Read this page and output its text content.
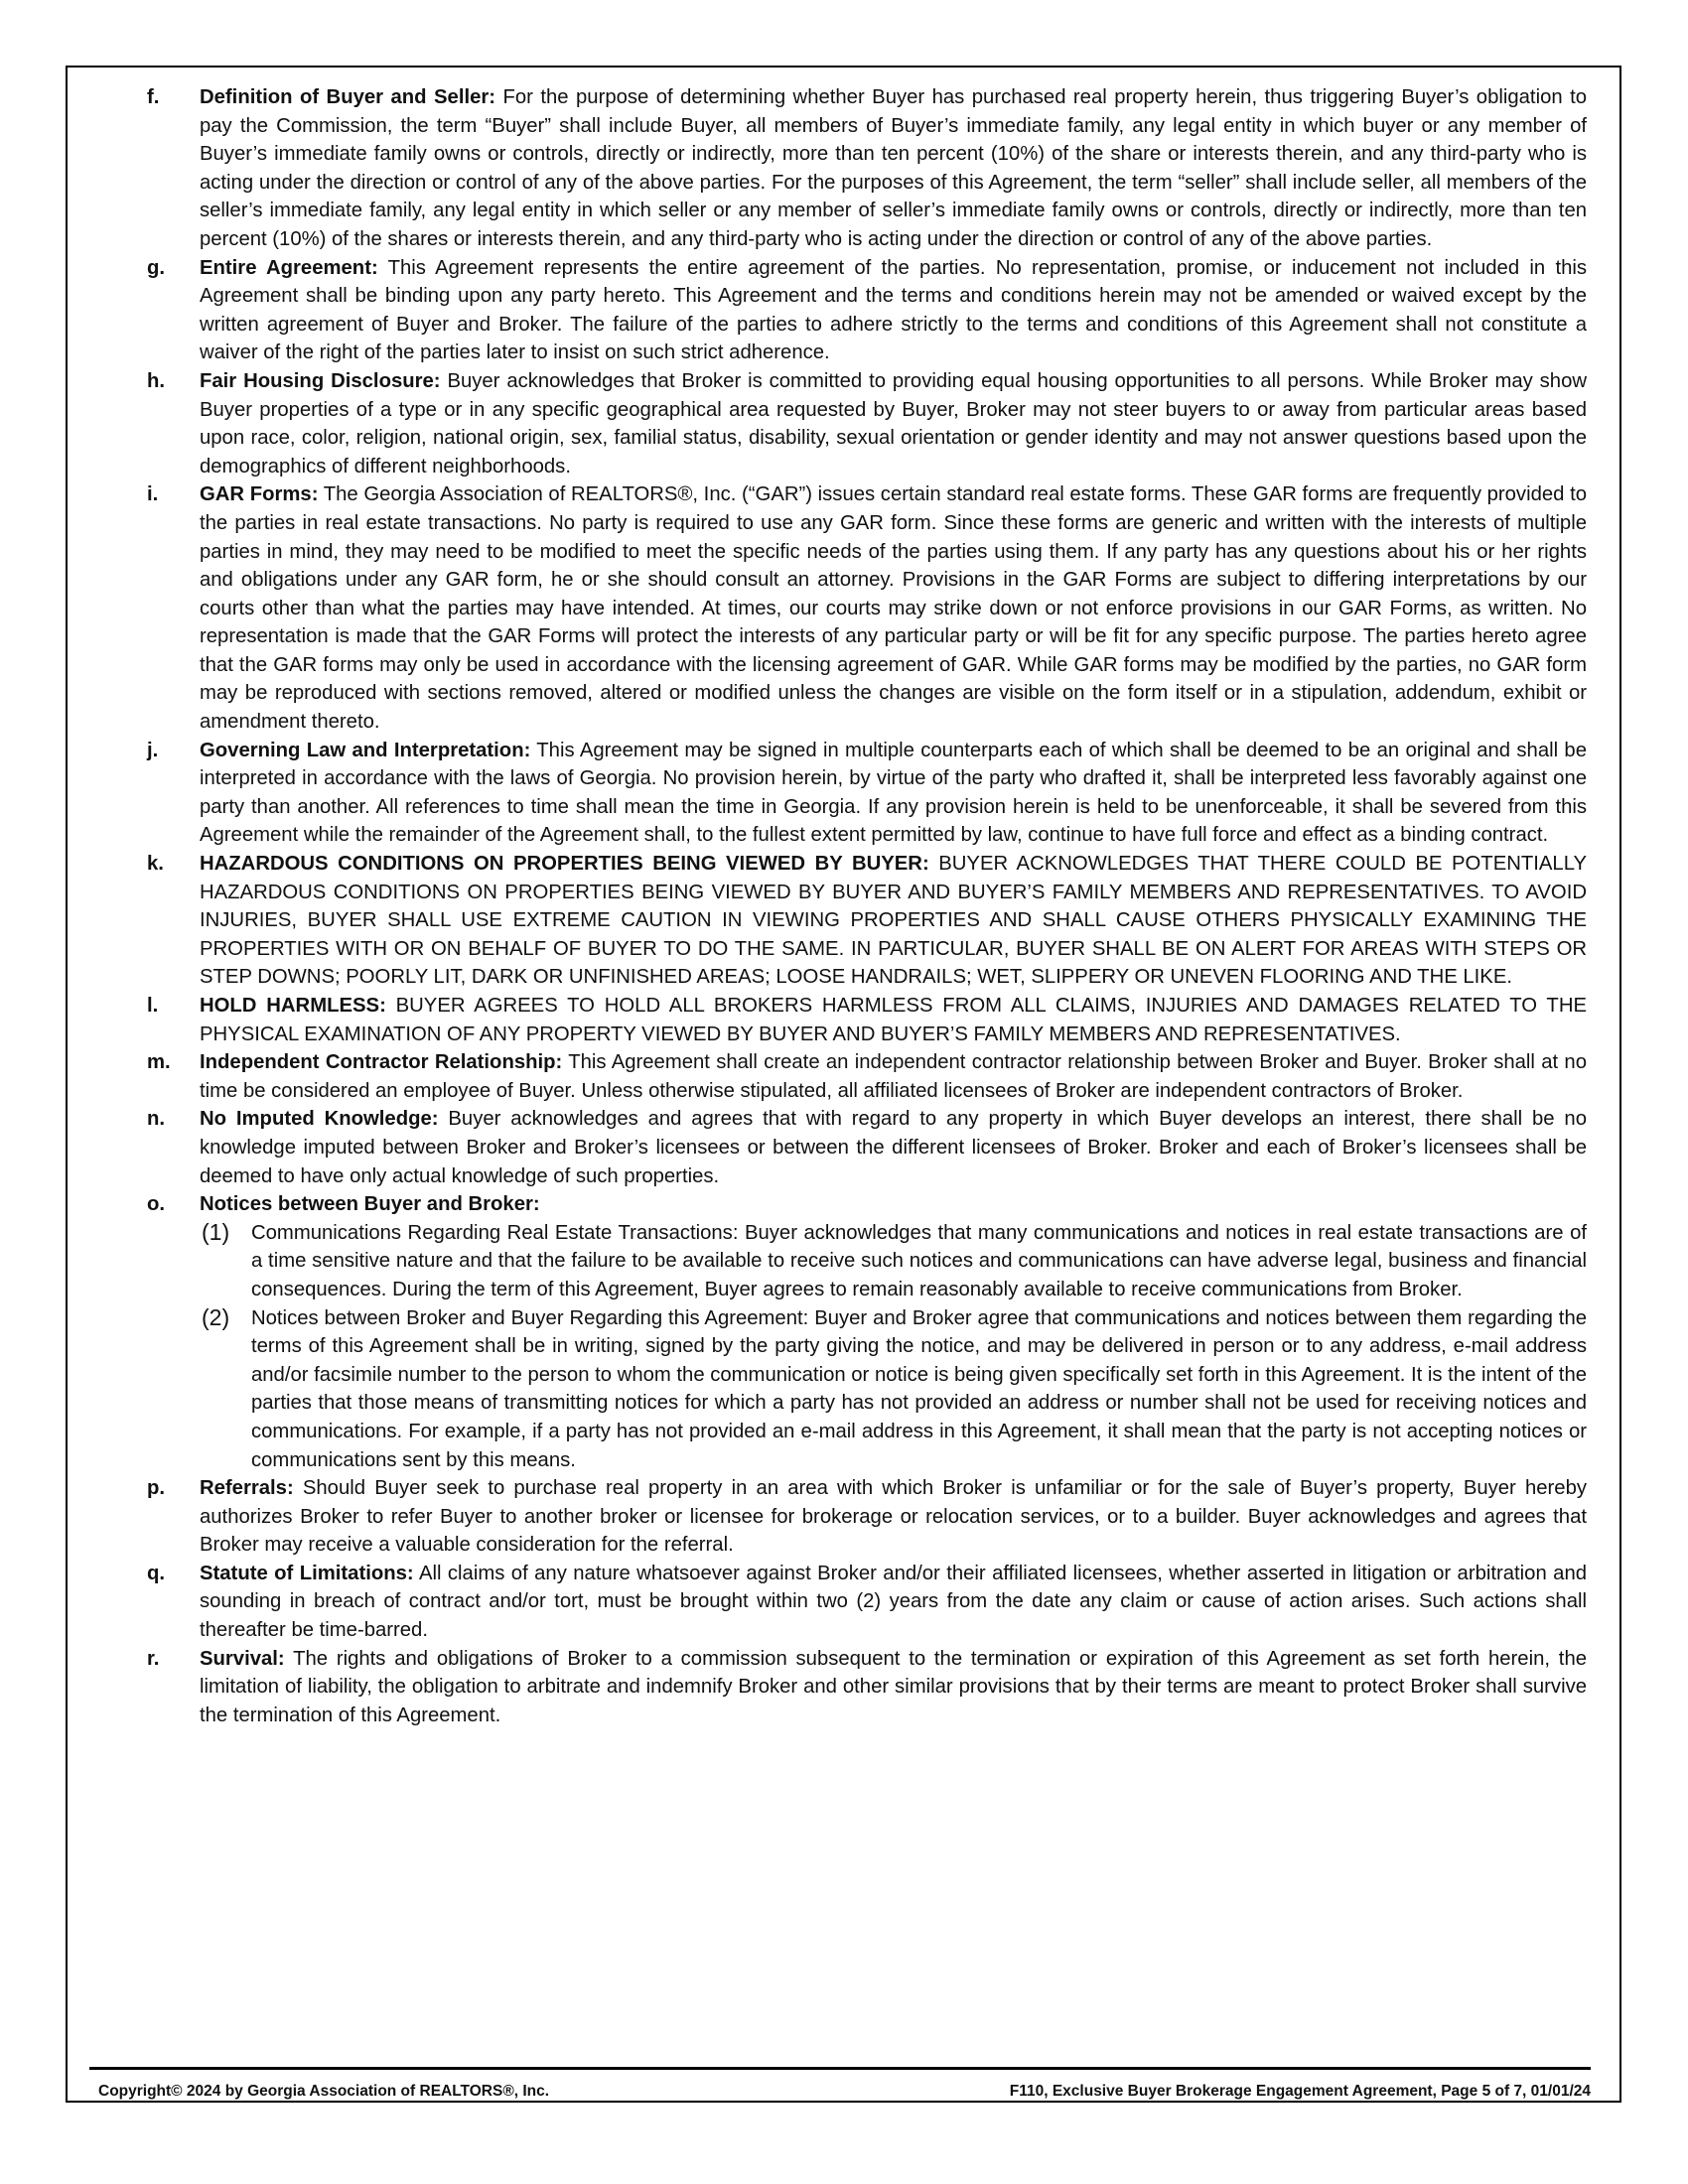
f. Definition of Buyer and Seller: For the purpose of determining whether Buyer has purchased real property herein, thus triggering Buyer’s obligation to pay the Commission, the term “Buyer” shall include Buyer, all members of Buyer’s immediate family, any legal entity in which buyer or any member of Buyer’s immediate family owns or controls, directly or indirectly, more than ten percent (10%) of the share or interests therein, and any third-party who is acting under the direction or control of any of the above parties. For the purposes of this Agreement, the term “seller” shall include seller, all members of the seller’s immediate family, any legal entity in which seller or any member of seller’s immediate family owns or controls, directly or indirectly, more than ten percent (10%) of the shares or interests therein, and any third-party who is acting under the direction or control of any of the above parties.
g. Entire Agreement: This Agreement represents the entire agreement of the parties. No representation, promise, or inducement not included in this Agreement shall be binding upon any party hereto. This Agreement and the terms and conditions herein may not be amended or waived except by the written agreement of Buyer and Broker. The failure of the parties to adhere strictly to the terms and conditions of this Agreement shall not constitute a waiver of the right of the parties later to insist on such strict adherence.
h. Fair Housing Disclosure: Buyer acknowledges that Broker is committed to providing equal housing opportunities to all persons. While Broker may show Buyer properties of a type or in any specific geographical area requested by Buyer, Broker may not steer buyers to or away from particular areas based upon race, color, religion, national origin, sex, familial status, disability, sexual orientation or gender identity and may not answer questions based upon the demographics of different neighborhoods.
i. GAR Forms: The Georgia Association of REALTORS®, Inc. (“GAR”) issues certain standard real estate forms. These GAR forms are frequently provided to the parties in real estate transactions. No party is required to use any GAR form. Since these forms are generic and written with the interests of multiple parties in mind, they may need to be modified to meet the specific needs of the parties using them. If any party has any questions about his or her rights and obligations under any GAR form, he or she should consult an attorney. Provisions in the GAR Forms are subject to differing interpretations by our courts other than what the parties may have intended. At times, our courts may strike down or not enforce provisions in our GAR Forms, as written. No representation is made that the GAR Forms will protect the interests of any particular party or will be fit for any specific purpose. The parties hereto agree that the GAR forms may only be used in accordance with the licensing agreement of GAR. While GAR forms may be modified by the parties, no GAR form may be reproduced with sections removed, altered or modified unless the changes are visible on the form itself or in a stipulation, addendum, exhibit or amendment thereto.
j. Governing Law and Interpretation: This Agreement may be signed in multiple counterparts each of which shall be deemed to be an original and shall be interpreted in accordance with the laws of Georgia. No provision herein, by virtue of the party who drafted it, shall be interpreted less favorably against one party than another. All references to time shall mean the time in Georgia. If any provision herein is held to be unenforceable, it shall be severed from this Agreement while the remainder of the Agreement shall, to the fullest extent permitted by law, continue to have full force and effect as a binding contract.
k. HAZARDOUS CONDITIONS ON PROPERTIES BEING VIEWED BY BUYER: BUYER ACKNOWLEDGES THAT THERE COULD BE POTENTIALLY HAZARDOUS CONDITIONS ON PROPERTIES BEING VIEWED BY BUYER AND BUYER’S FAMILY MEMBERS AND REPRESENTATIVES. TO AVOID INJURIES, BUYER SHALL USE EXTREME CAUTION IN VIEWING PROPERTIES AND SHALL CAUSE OTHERS PHYSICALLY EXAMINING THE PROPERTIES WITH OR ON BEHALF OF BUYER TO DO THE SAME. IN PARTICULAR, BUYER SHALL BE ON ALERT FOR AREAS WITH STEPS OR STEP DOWNS; POORLY LIT, DARK OR UNFINISHED AREAS; LOOSE HANDRAILS; WET, SLIPPERY OR UNEVEN FLOORING AND THE LIKE.
l. HOLD HARMLESS: BUYER AGREES TO HOLD ALL BROKERS HARMLESS FROM ALL CLAIMS, INJURIES AND DAMAGES RELATED TO THE PHYSICAL EXAMINATION OF ANY PROPERTY VIEWED BY BUYER AND BUYER’S FAMILY MEMBERS AND REPRESENTATIVES.
m. Independent Contractor Relationship: This Agreement shall create an independent contractor relationship between Broker and Buyer. Broker shall at no time be considered an employee of Buyer. Unless otherwise stipulated, all affiliated licensees of Broker are independent contractors of Broker.
n. No Imputed Knowledge: Buyer acknowledges and agrees that with regard to any property in which Buyer develops an interest, there shall be no knowledge imputed between Broker and Broker’s licensees or between the different licensees of Broker. Broker and each of Broker’s licensees shall be deemed to have only actual knowledge of such properties.
o. Notices between Buyer and Broker:
(1) Communications Regarding Real Estate Transactions: Buyer acknowledges that many communications and notices in real estate transactions are of a time sensitive nature and that the failure to be available to receive such notices and communications can have adverse legal, business and financial consequences. During the term of this Agreement, Buyer agrees to remain reasonably available to receive communications from Broker.
(2) Notices between Broker and Buyer Regarding this Agreement: Buyer and Broker agree that communications and notices between them regarding the terms of this Agreement shall be in writing, signed by the party giving the notice, and may be delivered in person or to any address, e-mail address and/or facsimile number to the person to whom the communication or notice is being given specifically set forth in this Agreement. It is the intent of the parties that those means of transmitting notices for which a party has not provided an address or number shall not be used for receiving notices and communications. For example, if a party has not provided an e-mail address in this Agreement, it shall mean that the party is not accepting notices or communications sent by this means.
p. Referrals: Should Buyer seek to purchase real property in an area with which Broker is unfamiliar or for the sale of Buyer’s property, Buyer hereby authorizes Broker to refer Buyer to another broker or licensee for brokerage or relocation services, or to a builder. Buyer acknowledges and agrees that Broker may receive a valuable consideration for the referral.
q. Statute of Limitations: All claims of any nature whatsoever against Broker and/or their affiliated licensees, whether asserted in litigation or arbitration and sounding in breach of contract and/or tort, must be brought within two (2) years from the date any claim or cause of action arises. Such actions shall thereafter be time-barred.
r. Survival: The rights and obligations of Broker to a commission subsequent to the termination or expiration of this Agreement as set forth herein, the limitation of liability, the obligation to arbitrate and indemnify Broker and other similar provisions that by their terms are meant to protect Broker shall survive the termination of this Agreement.
Copyright© 2024 by Georgia Association of REALTORS®, Inc.	F110, Exclusive Buyer Brokerage Engagement Agreement, Page 5 of 7, 01/01/24
